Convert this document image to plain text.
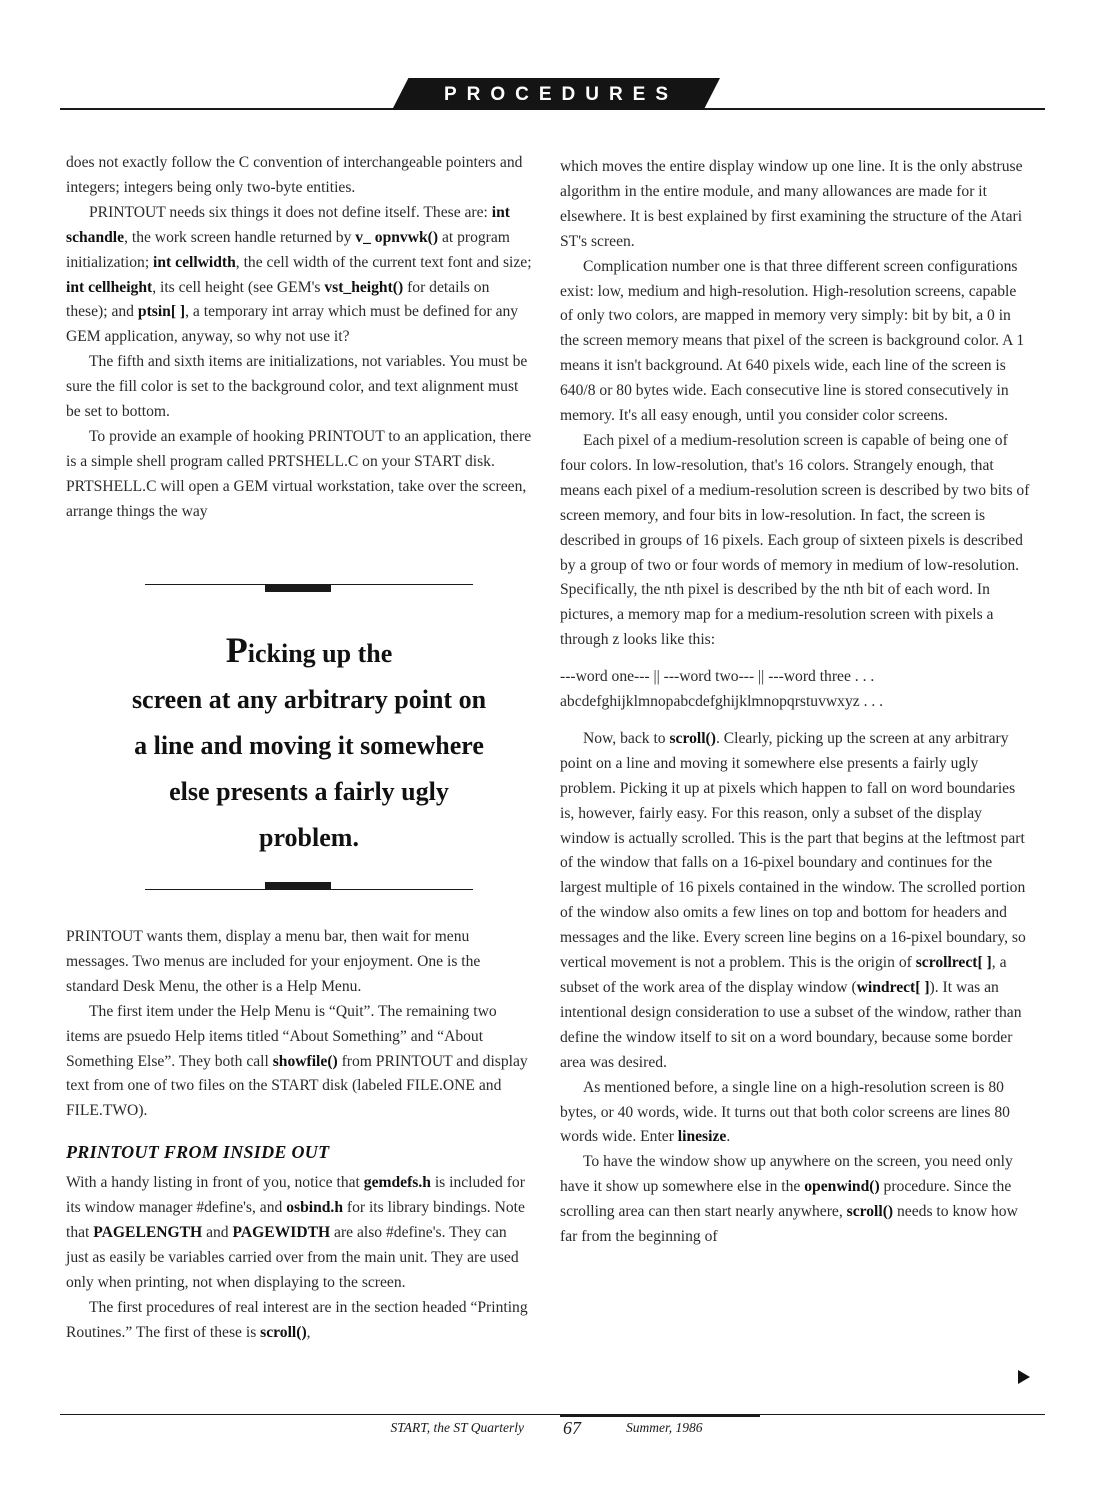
PROCEDURES

does not exactly follow the C convention of interchangeable pointers and integers; integers being only two-byte entities.

PRINTOUT needs six things it does not define itself. These are: int schandle, the work screen handle returned by v_ opnvwk() at program initialization; int cellwidth, the cell width of the current text font and size; int cellheight, its cell height (see GEM's vst_height() for details on these); and ptsin[ ], a temporary int array which must be defined for any GEM application, anyway, so why not use it?

The fifth and sixth items are initializations, not variables. You must be sure the fill color is set to the background color, and text alignment must be set to bottom.

To provide an example of hooking PRINTOUT to an application, there is a simple shell program called PRTSHELL.C on your START disk. PRTSHELL.C will open a GEM virtual workstation, take over the screen, arrange things the way

Picking up the
screen at any arbitrary point on
a line and moving it somewhere
else presents a fairly ugly
problem.

PRINTOUT wants them, display a menu bar, then wait for menu messages. Two menus are included for your enjoyment. One is the standard Desk Menu, the other is a Help Menu.

The first item under the Help Menu is “Quit”. The remaining two items are psuedo Help items titled “About Something” and “About Something Else”. They both call showfile() from PRINTOUT and display text from one of two files on the START disk (labeled FILE.ONE and FILE.TWO).

PRINTOUT FROM INSIDE OUT

With a handy listing in front of you, notice that gemdefs.h is included for its window manager #define's, and osbind.h for its library bindings. Note that PAGELENGTH and PAGEWIDTH are also #define's. They can just as easily be variables carried over from the main unit. They are used only when printing, not when displaying to the screen.

The first procedures of real interest are in the section headed “Printing Routines.” The first of these is scroll(),

which moves the entire display window up one line. It is the only abstruse algorithm in the entire module, and many allowances are made for it elsewhere. It is best explained by first examining the structure of the Atari ST's screen.

Complication number one is that three different screen configurations exist: low, medium and high-resolution. High-resolution screens, capable of only two colors, are mapped in memory very simply: bit by bit, a 0 in the screen memory means that pixel of the screen is background color. A 1 means it isn't background. At 640 pixels wide, each line of the screen is 640/8 or 80 bytes wide. Each consecutive line is stored consecutively in memory. It's all easy enough, until you consider color screens.

Each pixel of a medium-resolution screen is capable of being one of four colors. In low-resolution, that's 16 colors. Strangely enough, that means each pixel of a medium-resolution screen is described by two bits of screen memory, and four bits in low-resolution. In fact, the screen is described in groups of 16 pixels. Each group of sixteen pixels is described by a group of two or four words of memory in medium of low-resolution. Specifically, the nth pixel is described by the nth bit of each word. In pictures, a memory map for a medium-resolution screen with pixels a through z looks like this:

---word one--- || ---word two--- || ---word three . . .
abcdefghijklmnopabcdefghijklmnopqrstuvwxyz . . .

Now, back to scroll(). Clearly, picking up the screen at any arbitrary point on a line and moving it somewhere else presents a fairly ugly problem. Picking it up at pixels which happen to fall on word boundaries is, however, fairly easy. For this reason, only a subset of the display window is actually scrolled. This is the part that begins at the leftmost part of the window that falls on a 16-pixel boundary and continues for the largest multiple of 16 pixels contained in the window. The scrolled portion of the window also omits a few lines on top and bottom for headers and messages and the like. Every screen line begins on a 16-pixel boundary, so vertical movement is not a problem. This is the origin of scrollrect[ ], a subset of the work area of the display window (windrect[ ]). It was an intentional design consideration to use a subset of the window, rather than define the window itself to sit on a word boundary, because some border area was desired.

As mentioned before, a single line on a high-resolution screen is 80 bytes, or 40 words, wide. It turns out that both color screens are lines 80 words wide. Enter linesize.

To have the window show up anywhere on the screen, you need only have it show up somewhere else in the openwind() procedure. Since the scrolling area can then start nearly anywhere, scroll() needs to know how far from the beginning of

START, the ST Quarterly 67	Summer, 1986
